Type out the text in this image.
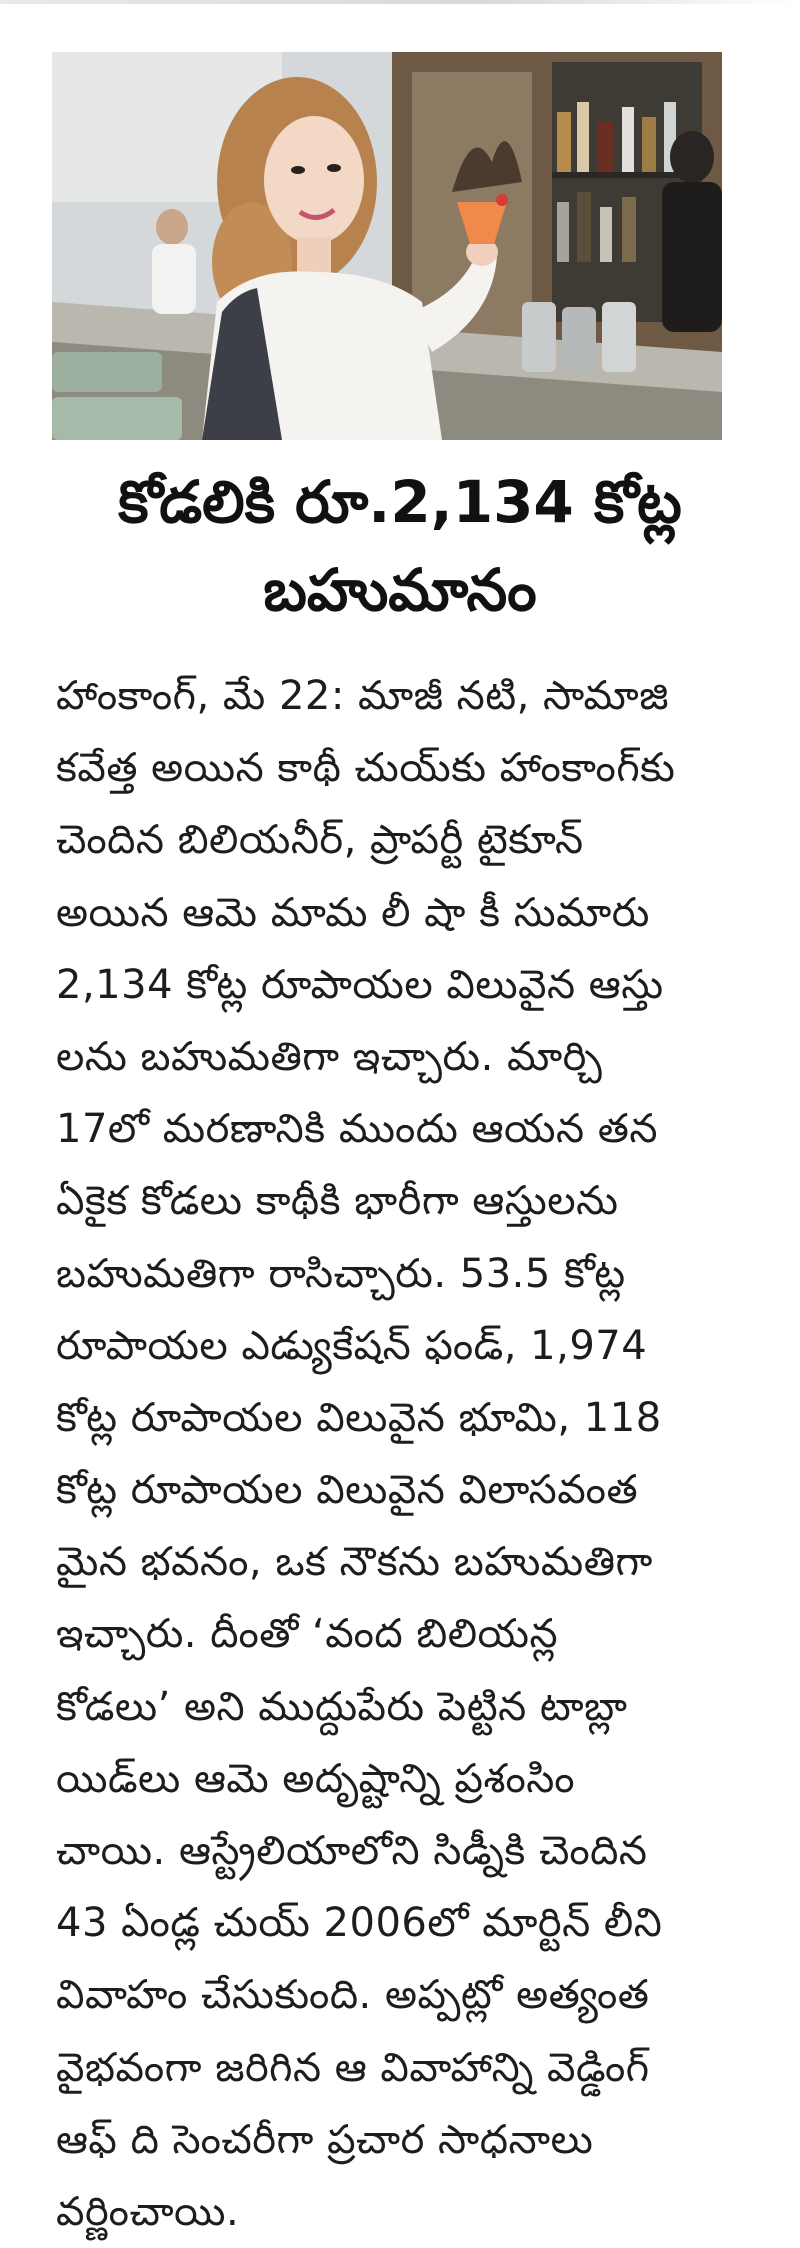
కోడలికి రూ.2,134 కోట్ల
బహుమానం
హాంకాంగ్, మే 22: మాజీ నటి, సామాజి
కవేత్త అయిన కాథీ చుయ్‌కు హాంకాంగ్‌కు
చెందిన బిలియనీర్, ప్రాపర్టీ టైకూన్
అయిన ఆమె మామ లీ షా కీ సుమారు
2,134 కోట్ల రూపాయల విలువైన ఆస్తు
లను బహుమతిగా ఇచ్చారు. మార్చి
17లో మరణానికి ముందు ఆయన తన
ఏకైక కోడలు కాథీకి భారీగా ఆస్తులను
బహుమతిగా రాసిచ్చారు. 53.5 కోట్ల
రూపాయల ఎడ్యుకేషన్ ఫండ్, 1,974
కోట్ల రూపాయల విలువైన భూమి, 118
కోట్ల రూపాయల విలువైన విలాసవంత
మైన భవనం, ఒక నౌకను బహుమతిగా
ఇచ్చారు. దీంతో ‘వంద బిలియన్ల
కోడలు’ అని ముద్దుపేరు పెట్టిన టాబ్లా
యిడ్‌లు ఆమె అదృష్టాన్ని ప్రశంసిం
చాయి. ఆస్ట్రేలియాలోని సిడ్నీకి చెందిన
43 ఏండ్ల చుయ్ 2006లో మార్టిన్ లీని
వివాహం చేసుకుంది. అప్పట్లో అత్యంత
వైభవంగా జరిగిన ఆ వివాహాన్ని వెడ్డింగ్
ఆఫ్ ది సెంచరీగా ప్రచార సాధనాలు
వర్ణించాయి.
